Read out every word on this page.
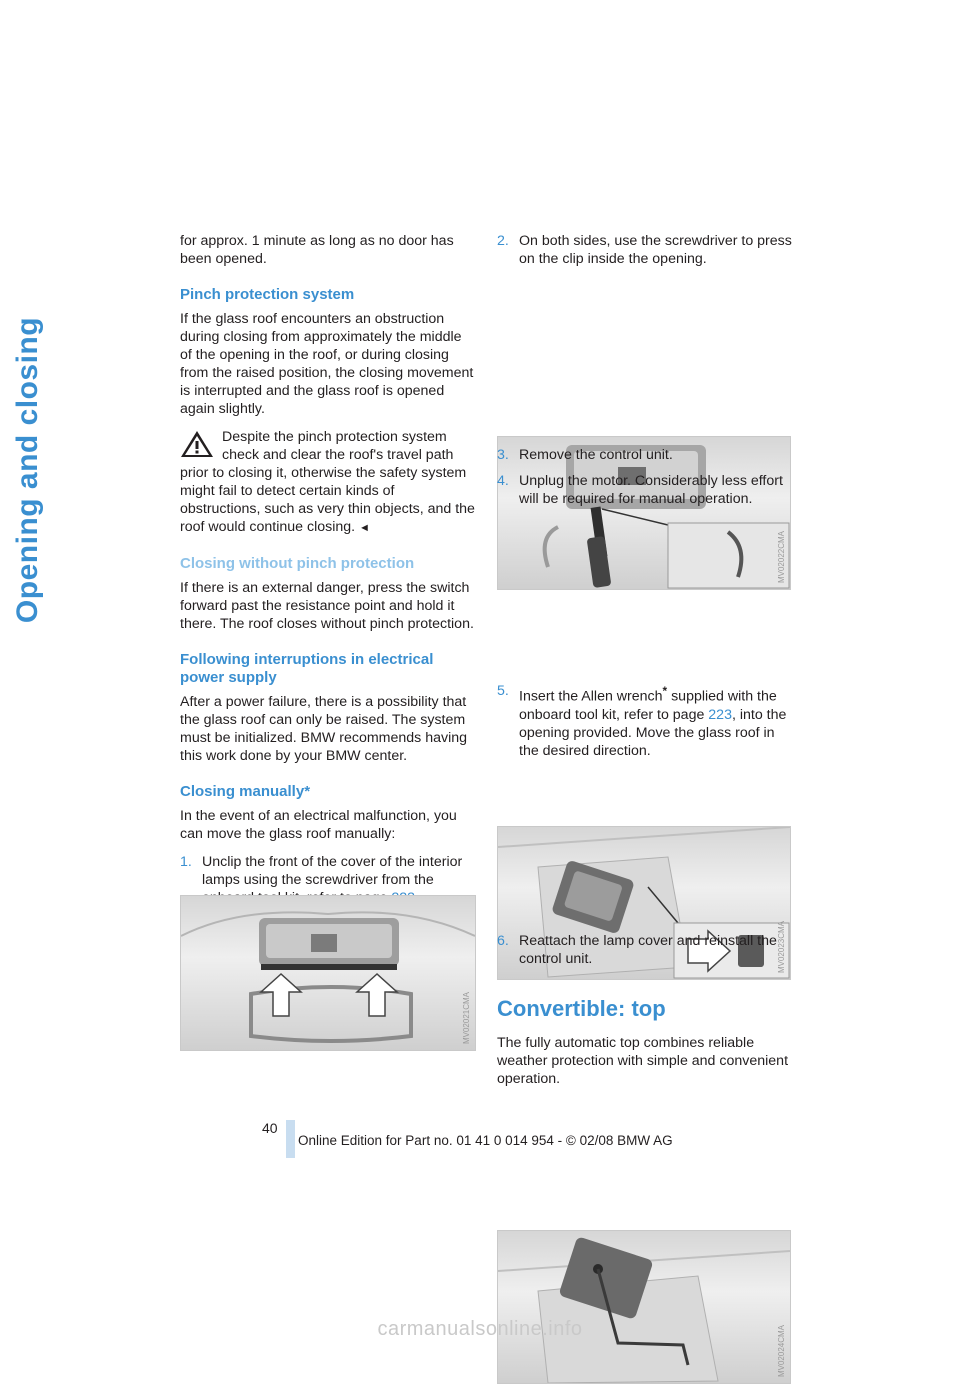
Opening and closing

for approx. 1 minute as long as no door has been opened.

Pinch protection system

If the glass roof encounters an obstruction during closing from approximately the middle of the opening in the roof, or during closing from the raised position, the closing movement is interrupted and the glass roof is opened again slightly.

Despite the pinch protection system check and clear the roof's travel path prior to closing it, otherwise the safety system might fail to detect certain kinds of obstructions, such as very thin objects, and the roof would continue closing. ◄
Closing without pinch protection

If there is an external danger, press the switch forward past the resistance point and hold it there. The roof closes without pinch protection.

Following interruptions in electrical power supply

After a power failure, there is a possibility that the glass roof can only be raised. The system must be initialized. BMW recommends having this work done by your BMW center.

Closing manually*

In the event of an electrical malfunction, you can move the glass roof manually:

1. Unclip the front of the cover of the interior lamps using the screwdriver from the
MV02021CMA
2. On both sides, use the screwdriver to press on the clip inside the opening.
MV02022CMA
3. Remove the control unit.
4. Unplug the motor. Considerably less effort will be required for manual operation.
MV02023CMA
5. Insert the Allen wrench* supplied with the onboard tool kit, refer to page 223, into the opening provided. Move the glass roof in the desired direction.
MV02024CMA
6. Reattach the lamp cover and reinstall the control unit.
Convertible: top

The fully automatic top combines reliable weather protection with simple and convenient operation.

40
Online Edition for Part no. 01 41 0 014 954 - © 02/08 BMW AG
carmanualsonline.info
